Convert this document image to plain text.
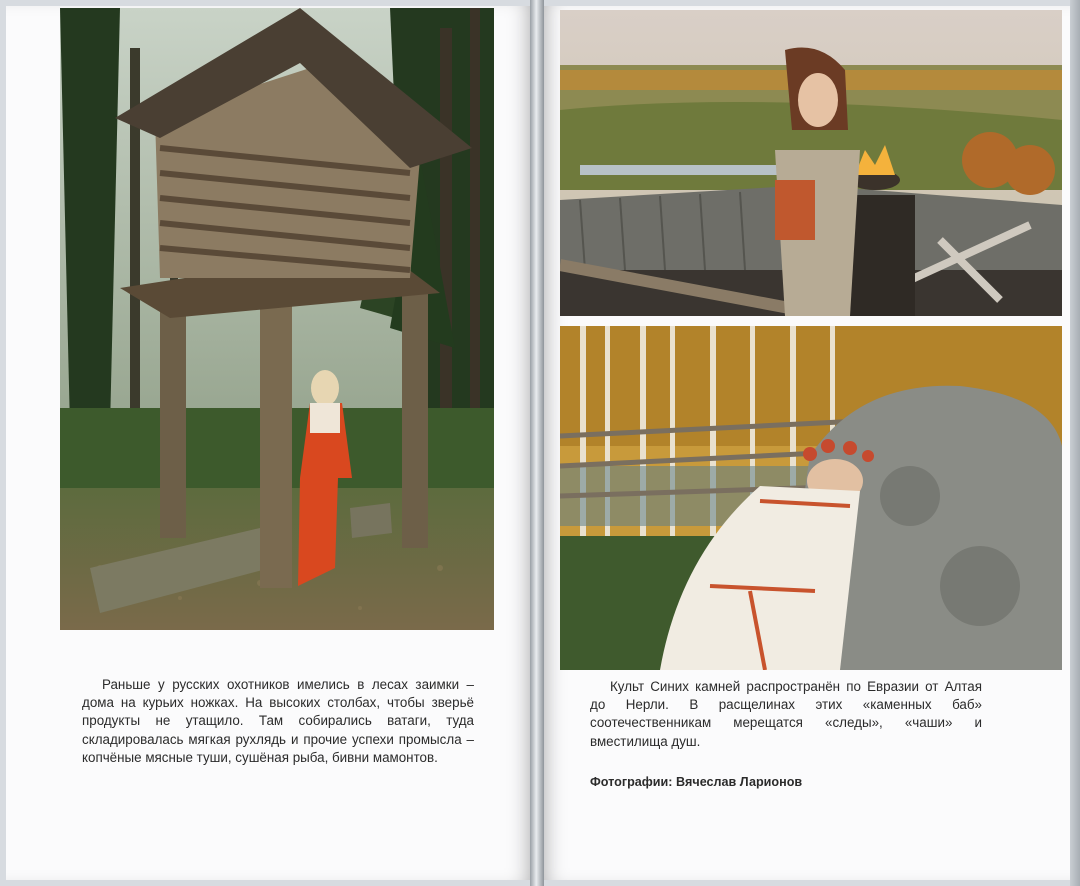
Раньше у русских охотников имелись в лесах заимки – дома на курьих ножках. На высоких столбах, чтобы зверьё продукты не утащило. Там собирались ватаги, туда складировалась мягкая рухлядь и прочие успехи промысла – копчёные мясные туши, сушёная рыба, бивни мамонтов.

Культ Синих камней распространён по Евразии от Алтая до Нерли. В расщелинах этих «каменных баб» соотечественникам мерещатся «следы», «чаши» и вместилища душ.

Фотографии: Вячеслав Ларионов
